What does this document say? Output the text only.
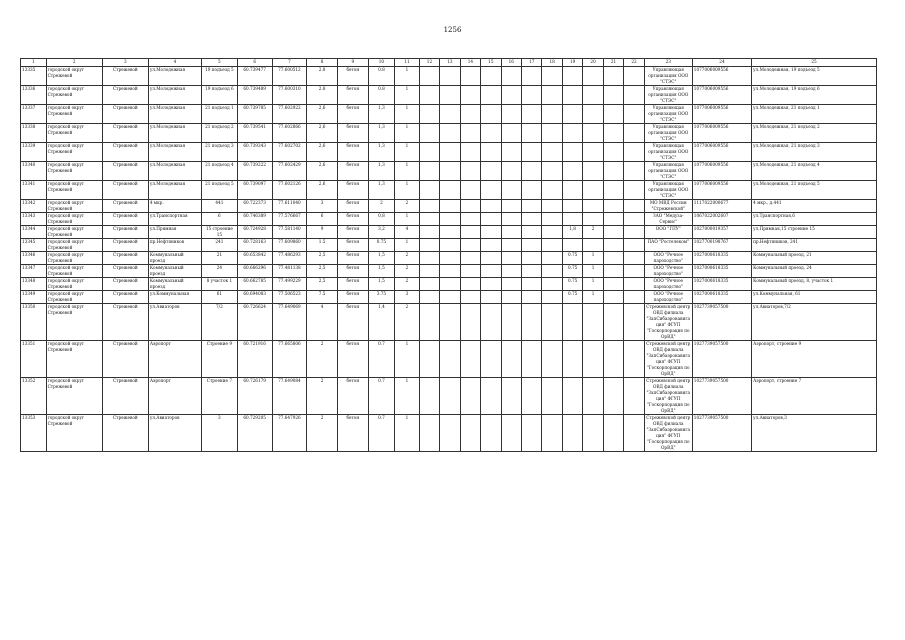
1256
1	2	3	4	5	6	7	8	9	10	11	12	13	14	15	16	17	18	19	20	21	22	23	24	25
13335	городской округ Стрежевой	Стрежевой	ул.Молодежная	19 подъезд 5	60.739477	77.600512	2.8	бетон	0.8	1												Управляющая организация ООО "СТЭС"	1077006009556	ул.Молодежная, 19 подъезд 5
13336	городской округ Стрежевой	Стрежевой	ул.Молодежная	19 подъезд 6	60.739489	77.600310	2.8	бетон	0.8	1												Управляющая организация ООО "СТЭС"	1077006009556	ул.Молодежная, 19 подъезд 6
13337	городской округ Стрежевой	Стрежевой	ул.Молодежная	21 подъезд 1	60.739785	77.602922	2,6	бетон	1,3	1												Управляющая организация ООО "СТЭС"	1077006009556	ул.Молодежная, 21 подъезд 1
13338	городской округ Стрежевой	Стрежевой	ул.Молодежная	21 подъезд 2	60.739541	77.602866	2,6	бетон	1,3	1												Управляющая организация ООО "СТЭС"	1077006009556	ул.Молодежная, 21 подъезд 2
13339	городской округ Стрежевой	Стрежевой	ул.Молодежная	21 подъезд 3	60.739343	77.602702	2,6	бетон	1,3	1												Управляющая организация ООО "СТЭС"	1077006009556	ул.Молодежная, 21 подъезд 3
13340	городской округ Стрежевой	Стрежевой	ул.Молодежная	21 подъезд 4	60.739222	77.602429	2,6	бетон	1,3	1												Управляющая организация ООО "СТЭС"	1077006009556	ул.Молодежная, 21 подъезд 4
13341	городской округ Стрежевой	Стрежевой	ул.Молодежная	21 подъезд 5	60.739097	77.602126	2,6	бетон	1,3	1												Управляющая организация ООО "СТЭС"	1077006009556	ул.Молодежная, 21 подъезд 5
13342	городской округ Стрежевой	Стрежевой	4 мкр.	441	60.722373	77.611040	3	бетон	2	2												МО МВД России "Стрежевской"	1117022000677	4 мкр., д.441
13343	городской округ Стрежевой	Стрежевой	ул.Транспортная	6	60.746389	77.576667	6	бетон	0,8	1												ЗАО "Медуза-Сервис"	1067022002607	ул.Транспортная,6
13344	городской округ Стрежевой	Стрежевой	ул.Прямная	15 строение 15	60.724928	77.581140	9	бетон	3,2	4								1,8	2			ООО "ГПУ"	1027000019357	ул.Прямная,15 строение 15
13345	городской округ Стрежевой	Стрежевой	пр.Нефтяников	241	60.728163	77.609860	1.5	бетон	0.75	1												ПАО "Ростелеком"	1027700198767	пр.Нефтяников, 241
13346	городской округ Стрежевой	Стрежевой	Коммунальный проезд	21	60.653842	77.486293	2,5	бетон	1,5	2								0.75	1			ООО "Речное пароходство"	1027000618335	Коммунальный проезд, 21
13347	городской округ Стрежевой	Стрежевой	Коммунальный проезд	24	60.666296	77.481138	2,5	бетон	1,5	2								0.75	1			ООО "Речное пароходство"	1027000618335	Коммунальный проезд, 24
13348	городской округ Стрежевой	Стрежевой	Коммунальный проезд	8 участок 1	60.662785	77.499229	2,5	бетон	1,5	2								0.75	1			ООО "Речное пароходство"	1027000618335	Коммунальный проезд, 8, участок 1
13349	городской округ Стрежевой	Стрежевой	ул.Коммунальная	61	60.694083	77.506523	7.5	бетон	3.75	3								0.75	1			ООО "Речное пароходство"	1027000618335	ул.Коммунальная, 61
13350	городской округ Стрежевой	Стрежевой	ул.Авиаторов	7/2	60.726624	77.649069	4	бетон	1,4	2												Стрежевской центр ОВД филиала "ЗапСибаэронавигация" ФГУП "Госкорпорация по ОрВД"	1027739057500	ул.Авиаторов,7/2
13351	городской округ Стрежевой	Стрежевой	Аэропорт	Строение 9	60.721916	77.665806	2	бетон	0.7	1												Стрежевской центр ОВД филиала "ЗапСибаэронавигация" ФГУП "Госкорпорация по ОрВД"	1027739057500	Аэропорт, строение 9
13352	городской округ Стрежевой	Стрежевой	Аэропорт	Строение 7	60.726179	77.649084	2	бетон	0.7	1												Стрежевской центр ОВД филиала "ЗапСибаэронавигация" ФГУП "Госкорпорация по ОрВД"	1027739057500	Аэропорт, строение 7
13353	городской округ Стрежевой	Стрежевой	ул.Авиаторов	3	60.729205	77.647926	2	бетон	0.7	1												Стрежевской центр ОВД филиала "ЗапСибаэронавигация" ФГУП "Госкорпорация по ОрВД"	1027739057500	ул.Авиаторов,3
